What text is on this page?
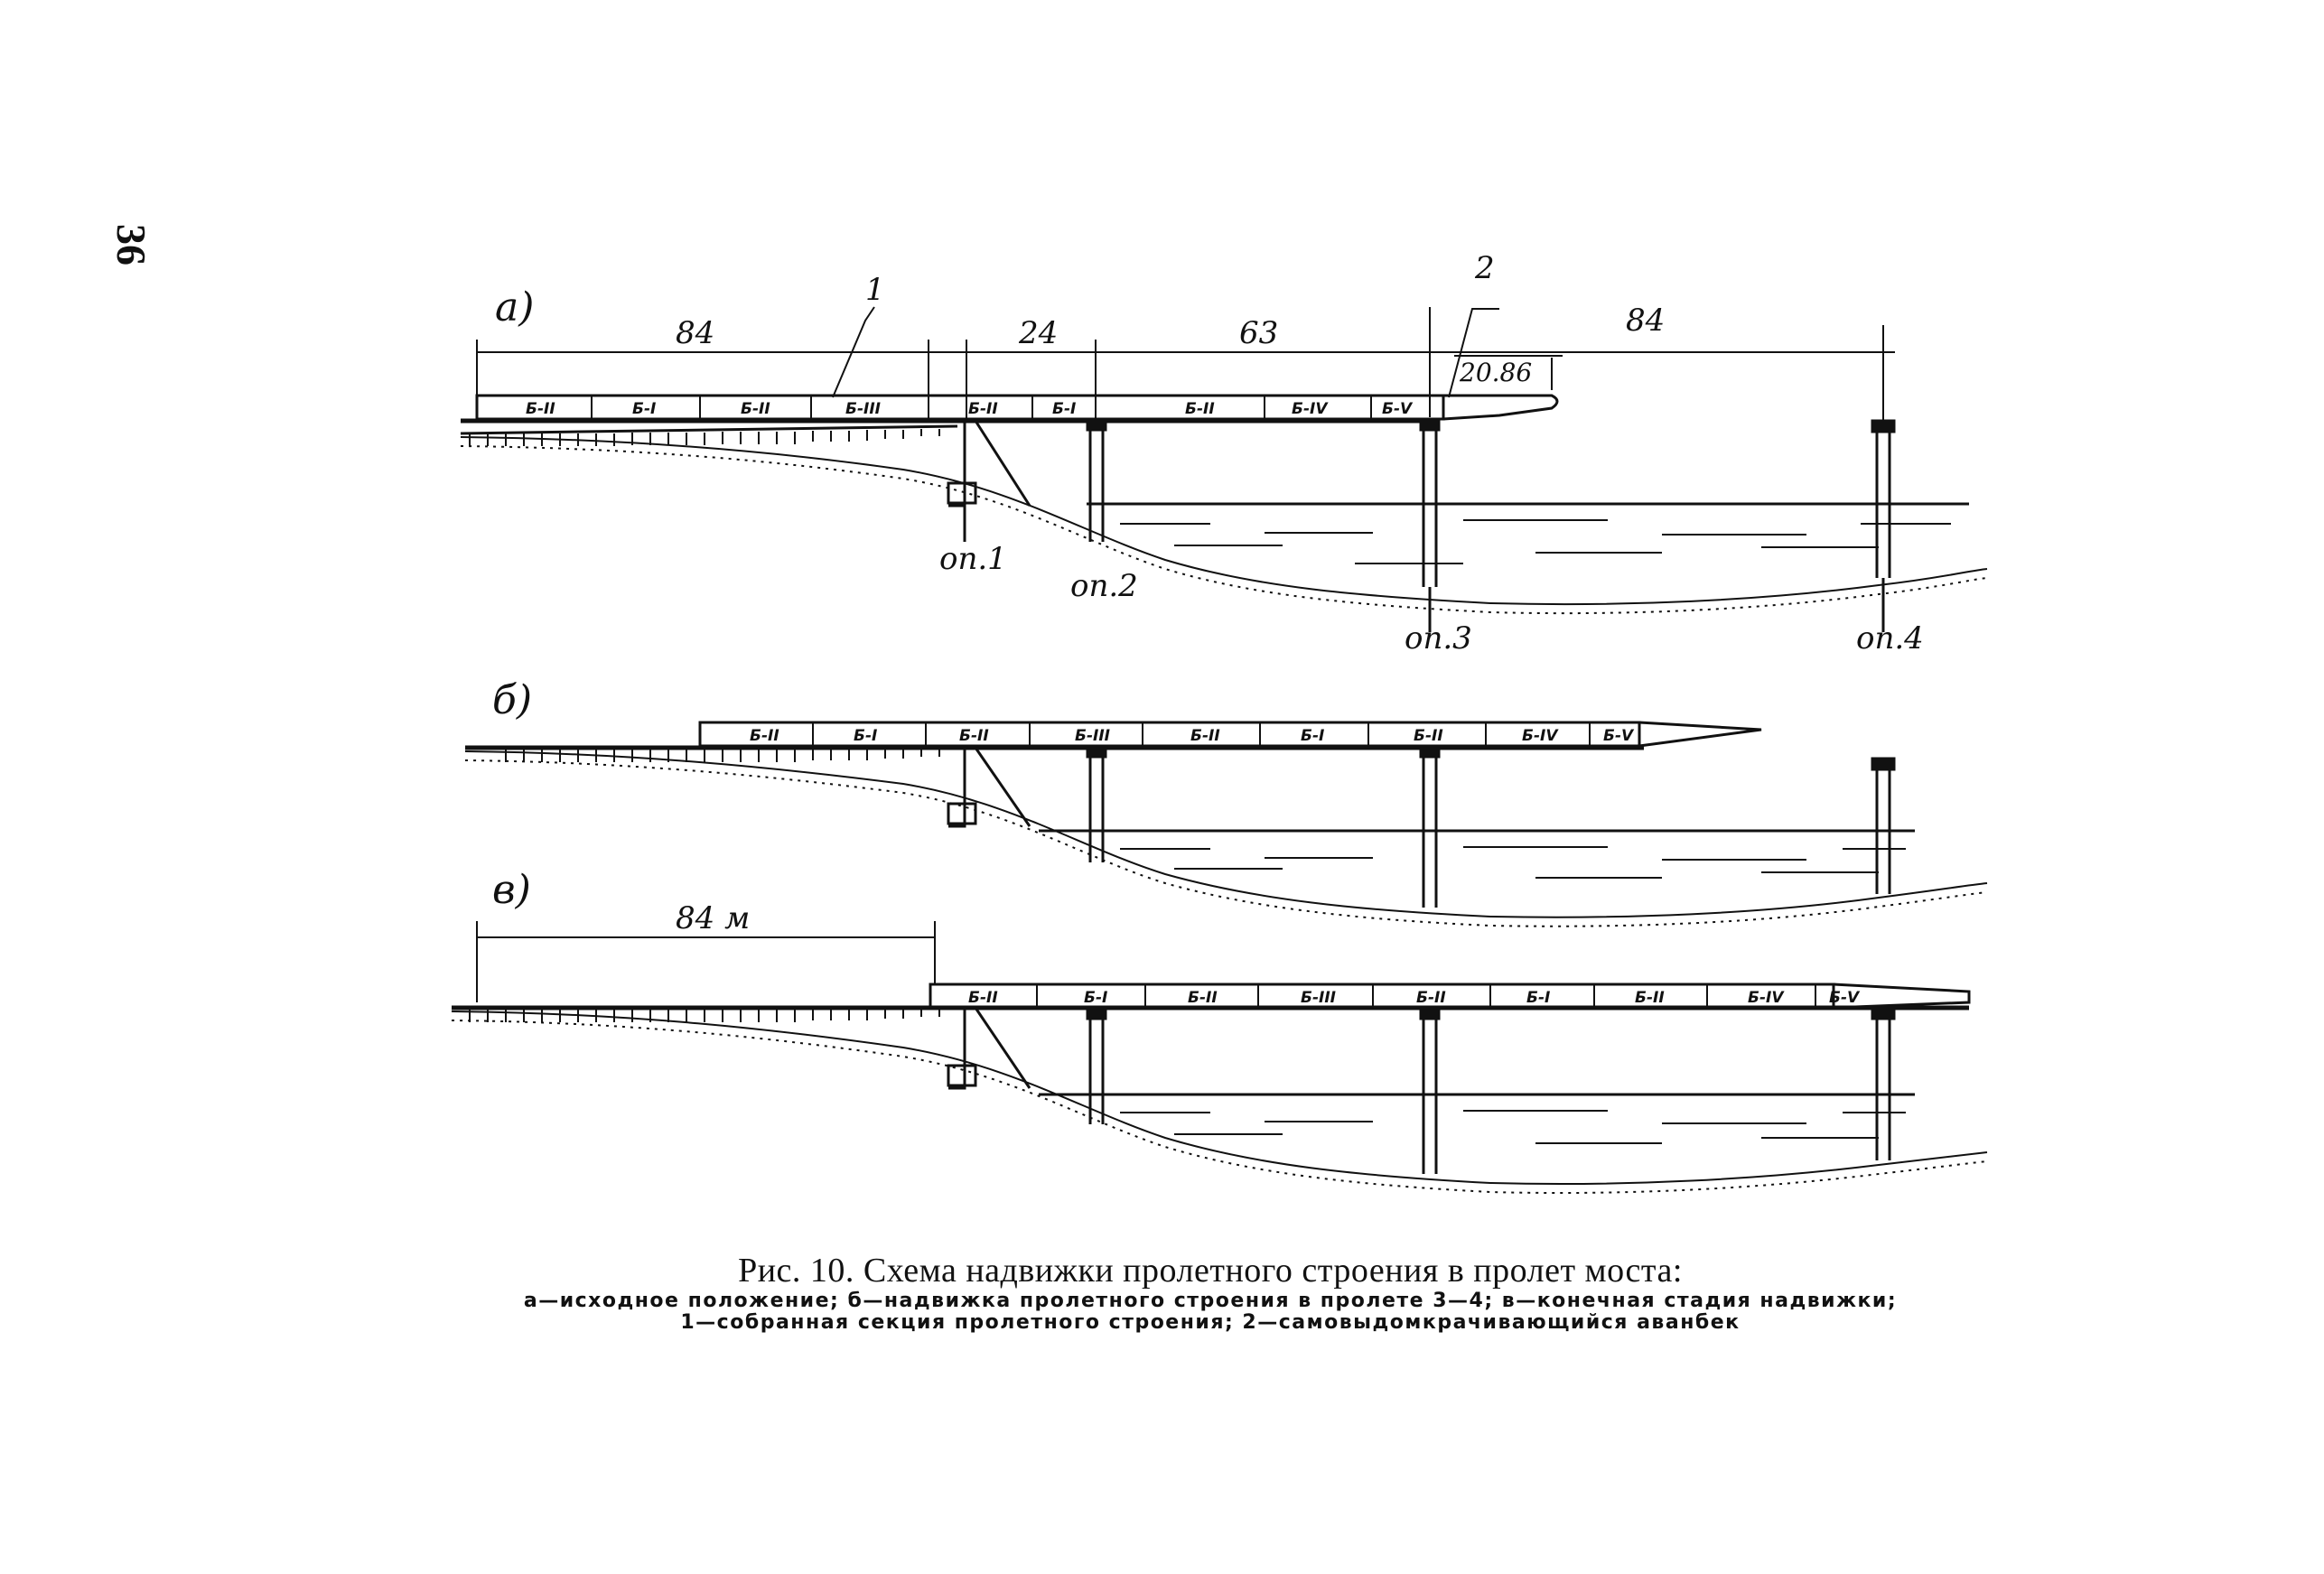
36
а)
84	24	63	84
1
2
20.86
Б-II	Б-I	Б-II	Б-III	Б-II	Б-I	Б-II	Б-IV	Б-V
оп.1
оп.2
оп.3	оп.4
б)
Б-II	Б-I	Б-II	Б-III	Б-II	Б-I	Б-II	Б-IV	Б-V
в)
84 м
Б-II	Б-I	Б-II	Б-III	Б-II	Б-I	Б-II	Б-IV	Б-V
Рис. 10. Схема надвижки пролетного строения в пролет моста:
а—исходное положение; б—надвижка пролетного строения в пролете 3—4; в—конечная стадия надвижки;
1—собранная секция пролетного строения; 2—самовыдомкрачивающийся аванбек
